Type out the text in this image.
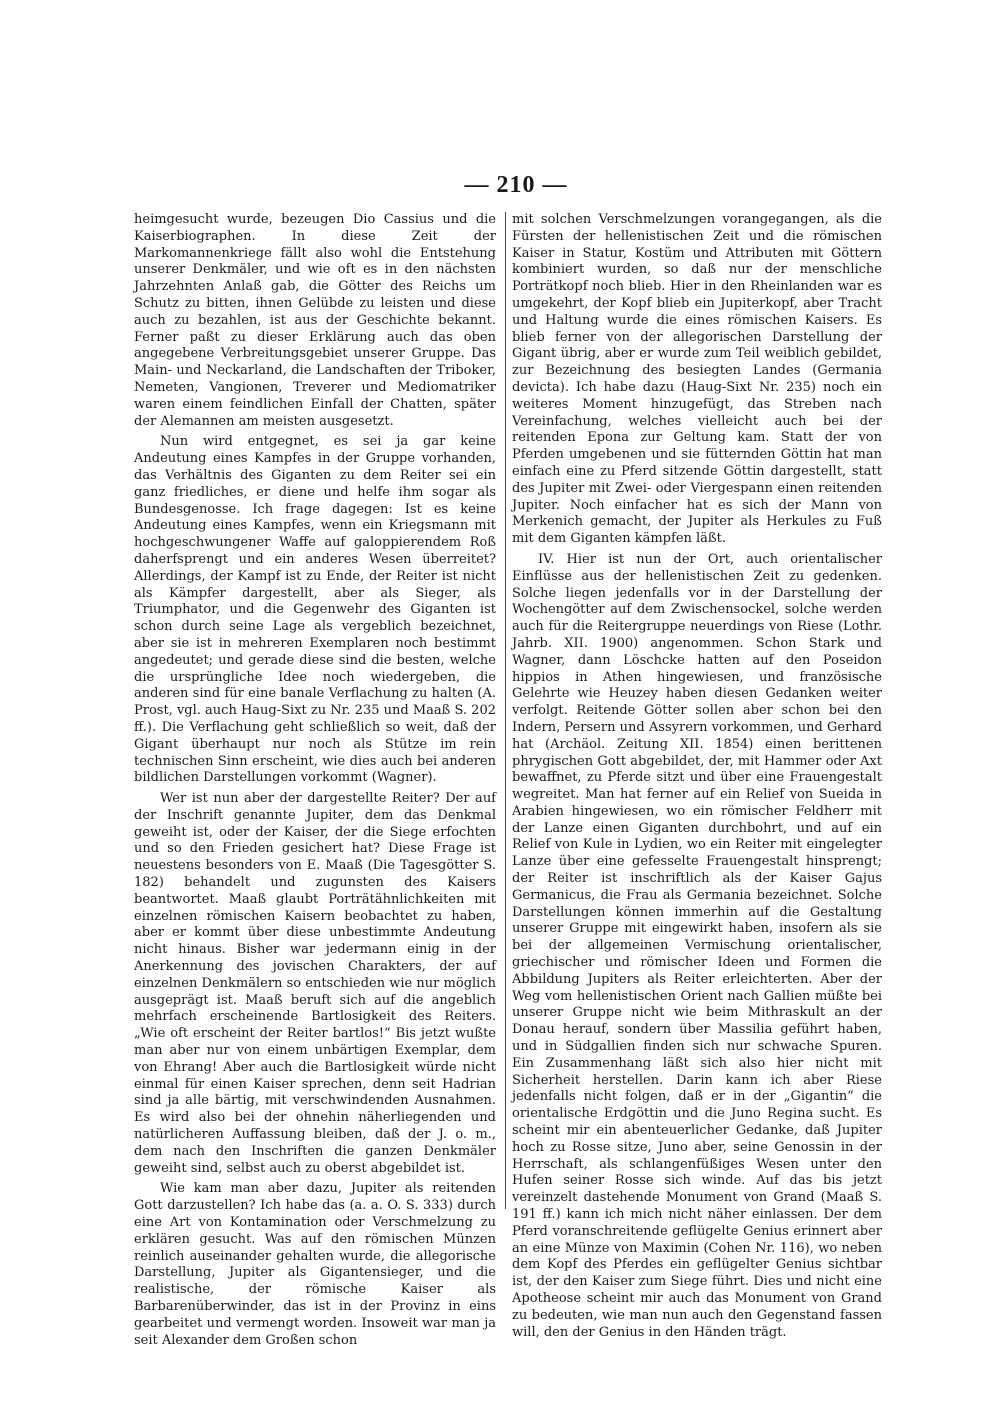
— 210 —

heimgesucht wurde, bezeugen Dio Cassius und die Kaiserbiographen. In diese Zeit der Markomannenkriege fällt also wohl die Entstehung unserer Denkmäler, und wie oft es in den nächsten Jahrzehnten Anlaß gab, die Götter des Reichs um Schutz zu bitten, ihnen Gelübde zu leisten und diese auch zu bezahlen, ist aus der Geschichte bekannt. Ferner paßt zu dieser Erklärung auch das oben angegebene Verbreitungsgebiet unserer Gruppe. Das Main- und Neckarland, die Landschaften der Triboker, Nemeten, Vangionen, Treverer und Mediomatriker waren einem feindlichen Einfall der Chatten, später der Alemannen am meisten ausgesetzt.

Nun wird entgegnet, es sei ja gar keine Andeutung eines Kampfes in der Gruppe vorhanden, das Verhältnis des Giganten zu dem Reiter sei ein ganz friedliches, er diene und helfe ihm sogar als Bundesgenosse. Ich frage dagegen: Ist es keine Andeutung eines Kampfes, wenn ein Kriegsmann mit hochgeschwungener Waffe auf galoppierendem Roß daherfsprengt und ein anderes Wesen überreitet? Allerdings, der Kampf ist zu Ende, der Reiter ist nicht als Kämpfer dargestellt, aber als Sieger, als Triumphator, und die Gegenwehr des Giganten ist schon durch seine Lage als vergeblich bezeichnet, aber sie ist in mehreren Exemplaren noch bestimmt angedeutet; und gerade diese sind die besten, welche die ursprüngliche Idee noch wiedergeben, die anderen sind für eine banale Verflachung zu halten (A. Prost, vgl. auch Haug-Sixt zu Nr. 235 und Maaß S. 202 ff.). Die Verflachung geht schließlich so weit, daß der Gigant überhaupt nur noch als Stütze im rein technischen Sinn erscheint, wie dies auch bei anderen bildlichen Darstellungen vorkommt (Wagner).

Wer ist nun aber der dargestellte Reiter? Der auf der Inschrift genannte Jupiter, dem das Denkmal geweiht ist, oder der Kaiser, der die Siege erfochten und so den Frieden gesichert hat? Diese Frage ist neuestens besonders von E. Maaß (Die Tagesgötter S. 182) behandelt und zugunsten des Kaisers beantwortet. Maaß glaubt Porträtähnlichkeiten mit einzelnen römischen Kaisern beobachtet zu haben, aber er kommt über diese unbestimmte Andeutung nicht hinaus. Bisher war jedermann einig in der Anerkennung des jovischen Charakters, der auf einzelnen Denkmälern so entschieden wie nur möglich ausgeprägt ist. Maaß beruft sich auf die angeblich mehrfach erscheinende Bartlosigkeit des Reiters. „Wie oft erscheint der Reiter bartlos!“ Bis jetzt wußte man aber nur von einem unbärtigen Exemplar, dem von Ehrang! Aber auch die Bartlosigkeit würde nicht einmal für einen Kaiser sprechen, denn seit Hadrian sind ja alle bärtig, mit verschwindenden Ausnahmen. Es wird also bei der ohnehin näherliegenden und natürlicheren Auffassung bleiben, daß der J. o. m., dem nach den Inschriften die ganzen Denkmäler geweiht sind, selbst auch zu oberst abgebildet ist.

Wie kam man aber dazu, Jupiter als reitenden Gott darzustellen? Ich habe das (a. a. O. S. 333) durch eine Art von Kontamination oder Verschmelzung zu erklären gesucht. Was auf den römischen Münzen reinlich auseinander gehalten wurde, die allegorische Darstellung, Jupiter als Gigantensieger, und die realistische, der römische Kaiser als Barbarenüberwinder, das ist in der Provinz in eins gearbeitet und vermengt worden. Insoweit war man ja seit Alexander dem Großen schon

mit solchen Verschmelzungen vorangegangen, als die Fürsten der hellenistischen Zeit und die römischen Kaiser in Statur, Kostüm und Attributen mit Göttern kombiniert wurden, so daß nur der menschliche Porträtkopf noch blieb. Hier in den Rheinlanden war es umgekehrt, der Kopf blieb ein Jupiterkopf, aber Tracht und Haltung wurde die eines römischen Kaisers. Es blieb ferner von der allegorischen Darstellung der Gigant übrig, aber er wurde zum Teil weiblich gebildet, zur Bezeichnung des besiegten Landes (Germania devicta). Ich habe dazu (Haug-Sixt Nr. 235) noch ein weiteres Moment hinzugefügt, das Streben nach Vereinfachung, welches vielleicht auch bei der reitenden Epona zur Geltung kam. Statt der von Pferden umgebenen und sie fütternden Göttin hat man einfach eine zu Pferd sitzende Göttin dargestellt, statt des Jupiter mit Zwei- oder Viergespann einen reitenden Jupiter. Noch einfacher hat es sich der Mann von Merkenich gemacht, der Jupiter als Herkules zu Fuß mit dem Giganten kämpfen läßt.

IV. Hier ist nun der Ort, auch orientalischer Einflüsse aus der hellenistischen Zeit zu gedenken. Solche liegen jedenfalls vor in der Darstellung der Wochengötter auf dem Zwischensockel, solche werden auch für die Reitergruppe neuerdings von Riese (Lothr. Jahrb. XII. 1900) angenommen. Schon Stark und Wagner, dann Löschcke hatten auf den Poseidon hippios in Athen hingewiesen, und französische Gelehrte wie Heuzey haben diesen Gedanken weiter verfolgt. Reitende Götter sollen aber schon bei den Indern, Persern und Assyrern vorkommen, und Gerhard hat (Archäol. Zeitung XII. 1854) einen berittenen phrygischen Gott abgebildet, der, mit Hammer oder Axt bewaffnet, zu Pferde sitzt und über eine Frauengestalt wegreitet. Man hat ferner auf ein Relief von Sueida in Arabien hingewiesen, wo ein römischer Feldherr mit der Lanze einen Giganten durchbohrt, und auf ein Relief von Kule in Lydien, wo ein Reiter mit eingelegter Lanze über eine gefesselte Frauengestalt hinsprengt; der Reiter ist inschriftlich als der Kaiser Gajus Germanicus, die Frau als Germania bezeichnet. Solche Darstellungen können immerhin auf die Gestaltung unserer Gruppe mit eingewirkt haben, insofern als sie bei der allgemeinen Vermischung orientalischer, griechischer und römischer Ideen und Formen die Abbildung Jupiters als Reiter erleichterten. Aber der Weg vom hellenistischen Orient nach Gallien müßte bei unserer Gruppe nicht wie beim Mithraskult an der Donau herauf, sondern über Massilia geführt haben, und in Südgallien finden sich nur schwache Spuren. Ein Zusammenhang läßt sich also hier nicht mit Sicherheit herstellen. Darin kann ich aber Riese jedenfalls nicht folgen, daß er in der „Gigantin“ die orientalische Erdgöttin und die Juno Regina sucht. Es scheint mir ein abenteuerlicher Gedanke, daß Jupiter hoch zu Rosse sitze, Juno aber, seine Genossin in der Herrschaft, als schlangenfüßiges Wesen unter den Hufen seiner Rosse sich winde. Auf das bis jetzt vereinzelt dastehende Monument von Grand (Maaß S. 191 ff.) kann ich mich nicht näher einlassen. Der dem Pferd voranschreitende geflügelte Genius erinnert aber an eine Münze von Maximin (Cohen Nr. 116), wo neben dem Kopf des Pferdes ein geflügelter Genius sichtbar ist, der den Kaiser zum Siege führt. Dies und nicht eine Apotheose scheint mir auch das Monument von Grand zu bedeuten, wie man nun auch den Gegenstand fassen will, den der Genius in den Händen trägt.
